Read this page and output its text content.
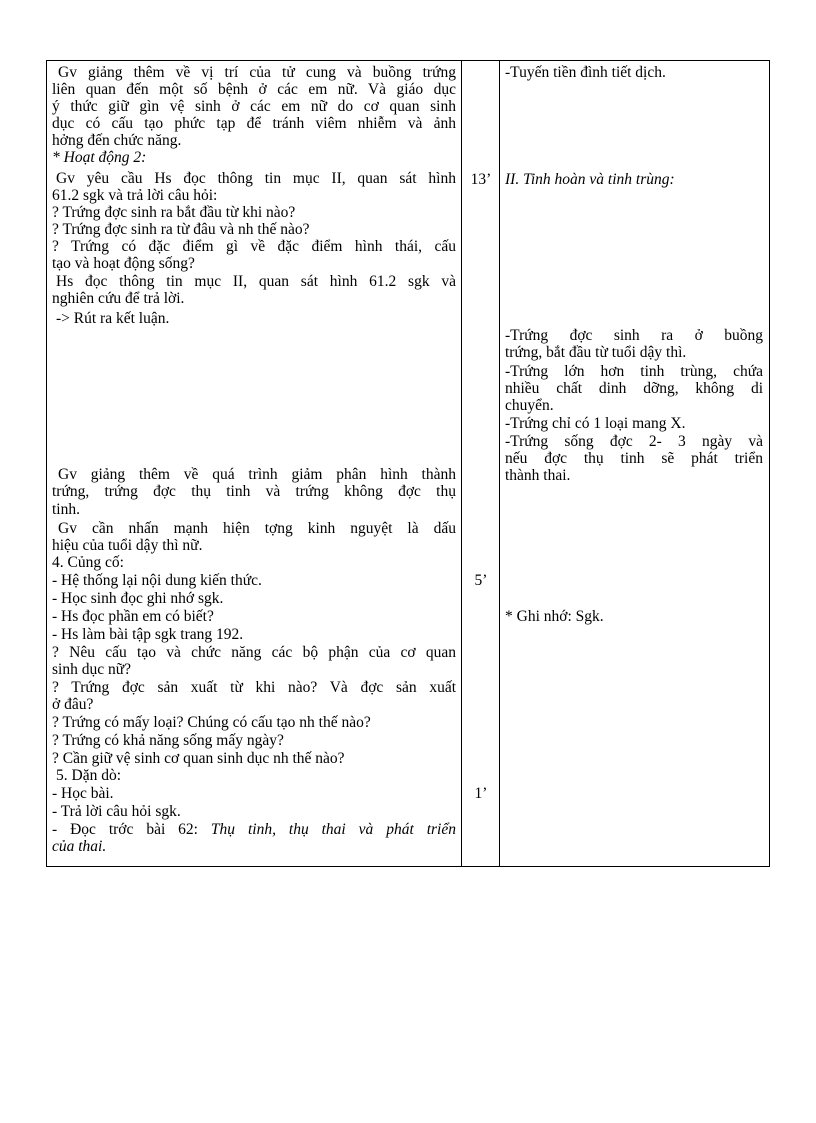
Gv giảng thêm về vị trí của tử cung và buồng trứng
liên quan đến một số bệnh ở các em nữ. Và giáo dục
ý thức giữ gìn vệ sinh ở các em nữ do cơ quan sinh
dục có cấu tạo phức tạp để tránh viêm nhiễm và ảnh
hởng đến chức năng.
* Hoạt động 2:
Gv yêu cầu Hs đọc thông tin mục II, quan sát hình
61.2 sgk và trả lời câu hỏi:
? Trứng đợc sinh ra bắt đầu từ khi nào?
? Trứng đợc sinh ra từ đâu và nh thế nào?
? Trứng có đặc điểm gì về đặc điểm hình thái, cấu
tạo và hoạt động sống?
Hs đọc thông tin mục II, quan sát hình 61.2 sgk và
nghiên cứu để trả lời.
-> Rút ra kết luận.
Gv giảng thêm về quá trình giảm phân hình thành
trứng, trứng đợc thụ tinh và trứng không đợc thụ
tinh.
Gv cần nhấn mạnh hiện tợng kinh nguyệt là dấu
hiệu của tuổi dậy thì nữ.
4. Củng cố:
- Hệ thống lại nội dung kiến thức.
- Học sinh đọc ghi nhớ sgk.
- Hs đọc phần em có biết?
- Hs làm bài tập sgk trang 192.
? Nêu cấu tạo và chức năng các bộ phận của cơ quan
sinh dục nữ?
? Trứng đợc sản xuất từ khi nào? Và đợc sản xuất
ở đâu?
? Trứng có mấy loại? Chúng có cấu tạo nh thế nào?
? Trứng có khả năng sống mấy ngày?
? Cần giữ vệ sinh cơ quan sinh dục nh thế nào?
5. Dặn dò:
- Học bài.
- Trả lời câu hỏi sgk.
- Đọc trớc bài 62: Thụ tinh, thụ thai và phát triển
của thai.
13’
5’
1’
-Tuyến tiền đình tiết dịch.
II. Tinh hoàn và tinh trùng:
-Trứng đợc sinh ra ở buồng
trứng, bắt đầu từ tuổi dậy thì.
-Trứng lớn hơn tinh trùng, chứa
nhiều chất dinh dỡng, không di
chuyển.
-Trứng chỉ có 1 loại mang X.
-Trứng sống đợc 2- 3 ngày và
nếu đợc thụ tinh sẽ phát triển
thành thai.
* Ghi nhớ: Sgk.
